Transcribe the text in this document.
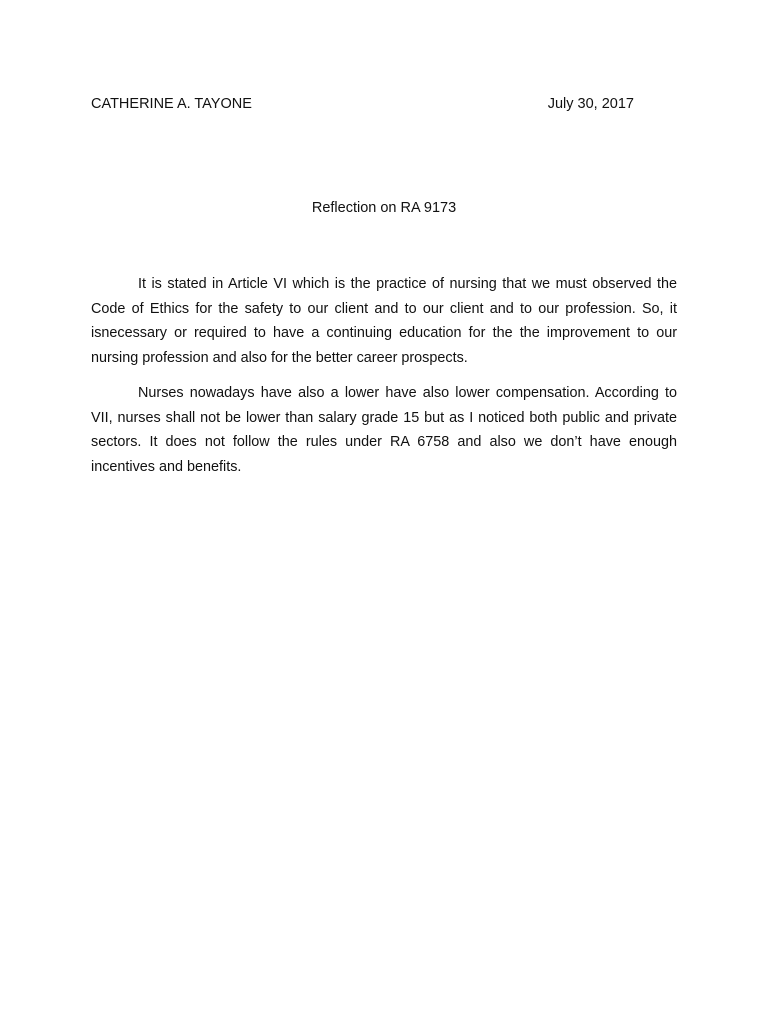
CATHERINE A. TAYONE	July 30, 2017
Reflection on RA 9173

It is stated in Article VI which is the practice of nursing that we must observed the Code of Ethics for the safety to our client and to our client and to our profession. So, it isnecessary or required to have a continuing education for the the improvement to our nursing profession and also for the better career prospects.

Nurses nowadays have also a lower have also lower compensation. According to VII, nurses shall not be lower than salary grade 15 but as I noticed both public and private sectors. It does not follow the rules under RA 6758 and also we don’t have enough incentives and benefits.
